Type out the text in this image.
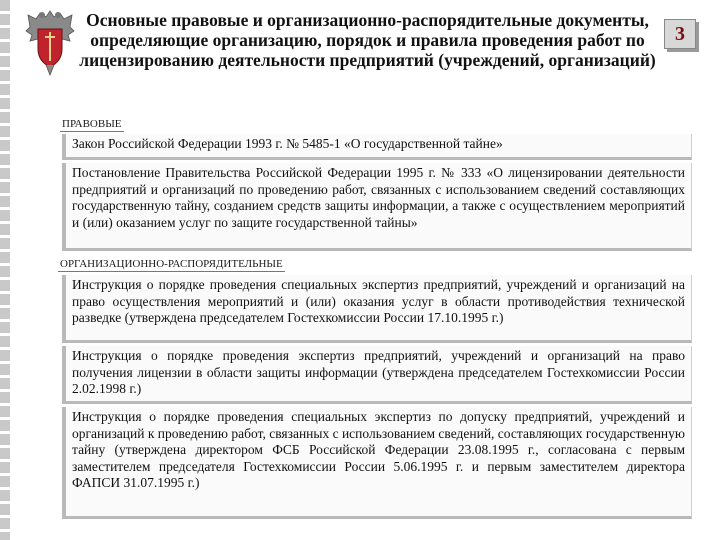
Основные правовые и организационно-распорядительные документы, определяющие организацию, порядок и правила проведения работ по лицензированию деятельности предприятий (учреждений, организаций)
3
ПРАВОВЫЕ
Закон Российской Федерации 1993 г. № 5485-1 «О государственной тайне»
Постановление Правительства Российской Федерации 1995 г. № 333 «О лицензировании деятельности предприятий и организаций по проведению работ, связанных с использованием сведений составляющих государственную тайну, созданием средств защиты информации, а также с осуществлением мероприятий и (или) оказанием услуг по защите государственной тайны»
ОРГАНИЗАЦИОННО-РАСПОРЯДИТЕЛЬНЫЕ
Инструкция о порядке проведения специальных экспертиз предприятий, учреждений и организаций на право осуществления мероприятий и (или) оказания услуг в области противодействия технической разведке (утверждена председателем Гостехкомиссии России 17.10.1995 г.)
Инструкция о порядке проведения экспертиз предприятий, учреждений и организаций на право получения лицензии в области защиты информации (утверждена председателем Гостехкомиссии России 2.02.1998 г.)
Инструкция о порядке проведения специальных экспертиз по допуску предприятий, учреждений и организаций к проведению работ, связанных с использованием сведений, составляющих государственную тайну (утверждена директором ФСБ Российской Федерации 23.08.1995 г., согласована с первым заместителем председателя Гостехкомиссии России 5.06.1995 г. и первым заместителем директора ФАПСИ 31.07.1995 г.)
